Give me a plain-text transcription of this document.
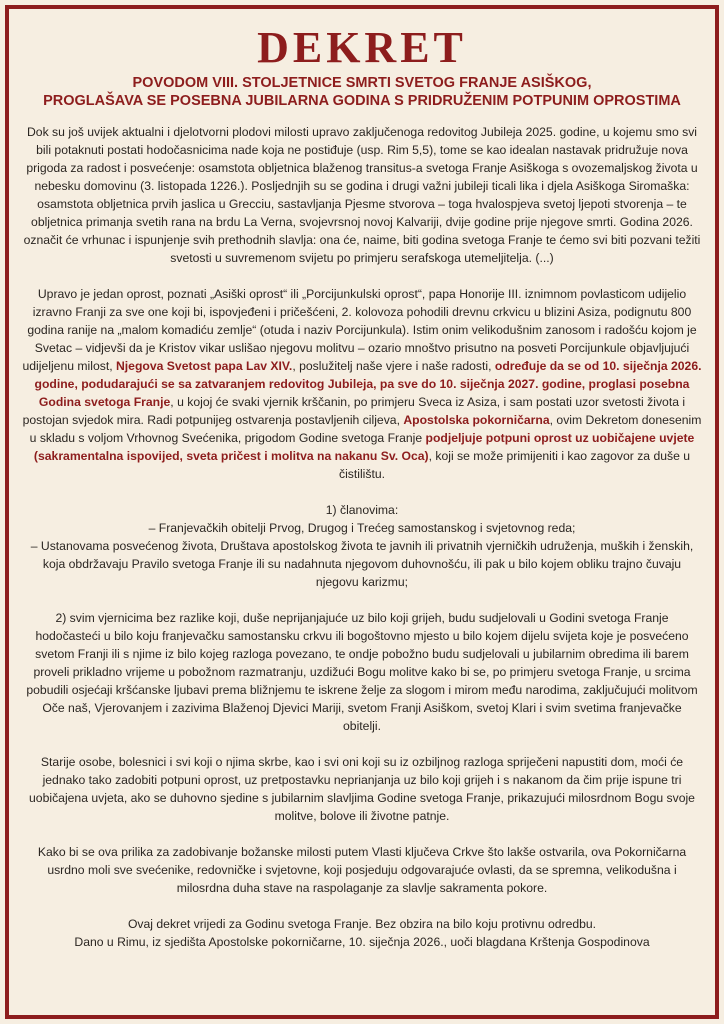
DEKRET
POVODOM VIII. STOLJETNICE SMRTI SVETOG FRANJE ASIŠKOG,
PROGLAŠAVA SE POSEBNA JUBILARNA GODINA S PRIDRUŽENIM POTPUNIM OPROSTIMA

Dok su još uvijek aktualni i djelotvorni plodovi milosti upravo zaključenoga redovitog Jubileja 2025. godine, u kojemu smo svi bili potaknuti postati hodočasnicima nade koja ne postiđuje (usp. Rim 5,5), tome se kao idealan nastavak pridružuje nova prigoda za radost i posvećenje: osamstota obljetnica blaženog transitus-a svetoga Franje Asiškoga s ovozemaljskog života u nebesku domovinu (3. listopada 1226.). Posljednjih su se godina i drugi važni jubileji ticali lika i djela Asiškoga Siromaška: osamstota obljetnica prvih jaslica u Grecciu, sastavljanja Pjesme stvorova – toga hvalospjeva svetoj ljepoti stvorenja – te obljetnica primanja svetih rana na brdu La Verna, svojevrsnoj novoj Kalvariji, dvije godine prije njegove smrti. Godina 2026. označit će vrhunac i ispunjenje svih prethodnih slavlja: ona će, naime, biti godina svetoga Franje te ćemo svi biti pozvani težiti svetosti u suvremenom svijetu po primjeru serafskoga utemeljitelja. (...)

Upravo je jedan oprost, poznati „Asiški oprost“ ili „Porcijunkulski oprost“, papa Honorije III. iznimnom povlasticom udijelio izravno Franji za sve one koji bi, ispovjeđeni i pričešćeni, 2. kolovoza pohodili drevnu crkvicu u blizini Asiza, podignutu 800 godina ranije na „malom komadiću zemlje“ (otuda i naziv Porcijunkula). Istim onim velikodušnim zanosom i radošću kojom je Svetac – vidjevši da je Kristov vikar uslišao njegovu molitvu – ozario mnoštvo prisutno na posveti Porcijunkule objavljujući udijeljenu milost, Njegova Svetost papa Lav XIV., poslužitelj naše vjere i naše radosti, određuje da se od 10. siječnja 2026. godine, podudarajući se sa zatvaranjem redovitog Jubileja, pa sve do 10. siječnja 2027. godine, proglasi posebna Godina svetoga Franje, u kojoj će svaki vjernik krščanin, po primjeru Sveca iz Asiza, i sam postati uzor svetosti života i postojan svjedok mira. Radi potpunijeg ostvarenja postavljenih ciljeva, Apostolska pokorničarna, ovim Dekretom donesenim u skladu s voljom Vrhovnog Svećenika, prigodom Godine svetoga Franje podjeljuje potpuni oprost uz uobičajene uvjete (sakramentalna ispovijed, sveta pričest i molitva na nakanu Sv. Oca), koji se može primijeniti i kao zagovor za duše u čistilištu.

1) članovima:
– Franjevačkih obitelji Prvog, Drugog i Trećeg samostanskog i svjetovnog reda;
– Ustanovama posvećenog života, Društava apostolskog života te javnih ili privatnih vjerničkih udruženja, muških i ženskih, koja obdržavaju Pravilo svetoga Franje ili su nadahnuta njegovom duhovnošću, ili pak u bilo kojem obliku trajno čuvaju njegovu karizmu;

2) svim vjernicima bez razlike koji, duše neprijanjajuće uz bilo koji grijeh, budu sudjelovali u Godini svetoga Franje hodočasteći u bilo koju franjevačku samostansku crkvu ili bogoštovno mjesto u bilo kojem dijelu svijeta koje je posvećeno svetom Franji ili s njime iz bilo kojeg razloga povezano, te ondje pobožno budu sudjelovali u jubilarnim obredima ili barem proveli prikladno vrijeme u pobožnom razmatranju, uzdižući Bogu molitve kako bi se, po primjeru svetoga Franje, u srcima pobudili osjećaji kršćanske ljubavi prema bližnjemu te iskrene želje za slogom i mirom među narodima, zaključujući molitvom Oče naš, Vjerovanjem i zazivima Blaženoj Djevici Mariji, svetom Franji Asiškom, svetoj Klari i svim svetima franjevačke obitelji.

Starije osobe, bolesnici i svi koji o njima skrbe, kao i svi oni koji su iz ozbiljnog razloga spriječeni napustiti dom, moći će jednako tako zadobiti potpuni oprost, uz pretpostavku neprianjanja uz bilo koji grijeh i s nakanom da čim prije ispune tri uobičajena uvjeta, ako se duhovno sjedine s jubilarnim slavljima Godine svetoga Franje, prikazujući milosrdnom Bogu svoje molitve, bolove ili životne patnje.

Kako bi se ova prilika za zadobivanje božanske milosti putem Vlasti ključeva Crkve što lakše ostvarila, ova Pokorničarna usrdno moli sve svećenike, redovničke i svjetovne, koji posjeduju odgovarajuće ovlasti, da se spremna, velikodušna i milosrdna duha stave na raspolaganje za slavlje sakramenta pokore.

Ovaj dekret vrijedi za Godinu svetoga Franje. Bez obzira na bilo koju protivnu odredbu.
Dano u Rimu, iz sjedišta Apostolske pokorničarne, 10. siječnja 2026., uoči blagdana Krštenja Gospodinova
